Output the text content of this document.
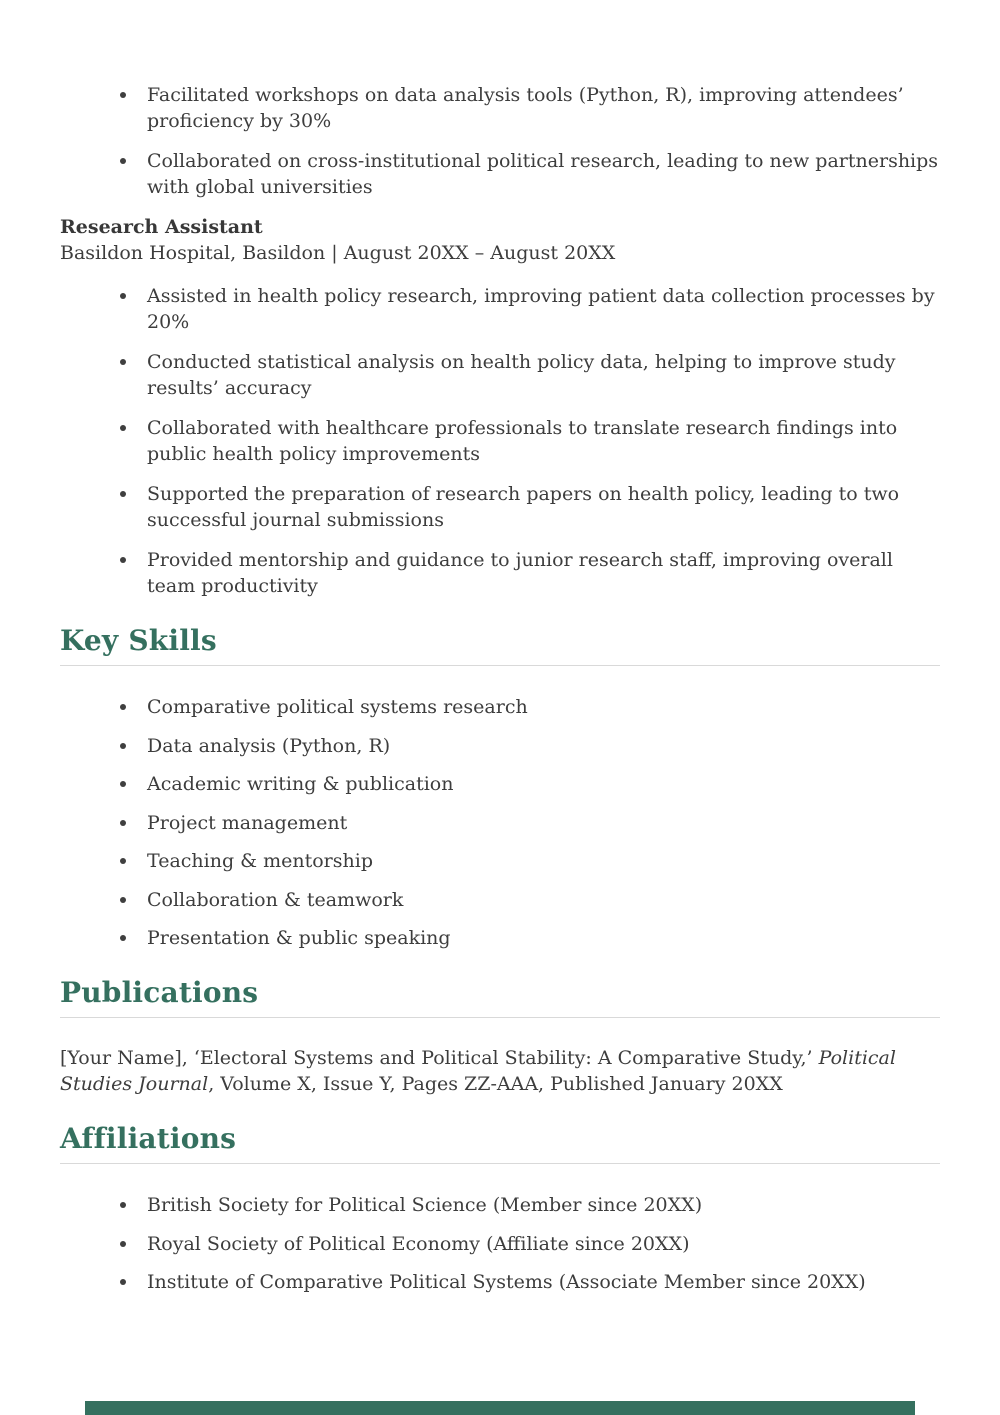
Facilitated workshops on data analysis tools (Python, R), improving attendees’ proficiency by 30%
Collaborated on cross-institutional political research, leading to new partnerships with global universities
Research Assistant
Basildon Hospital, Basildon | August 20XX – August 20XX
Assisted in health policy research, improving patient data collection processes by 20%
Conducted statistical analysis on health policy data, helping to improve study results’ accuracy
Collaborated with healthcare professionals to translate research findings into public health policy improvements
Supported the preparation of research papers on health policy, leading to two successful journal submissions
Provided mentorship and guidance to junior research staff, improving overall team productivity
Key Skills
Comparative political systems research
Data analysis (Python, R)
Academic writing & publication
Project management
Teaching & mentorship
Collaboration & teamwork
Presentation & public speaking
Publications

[Your Name], ‘Electoral Systems and Political Stability: A Comparative Study,’ Political Studies Journal, Volume X, Issue Y, Pages ZZ-AAA, Published January 20XX

Affiliations
British Society for Political Science (Member since 20XX)
Royal Society of Political Economy (Affiliate since 20XX)
Institute of Comparative Political Systems (Associate Member since 20XX)
